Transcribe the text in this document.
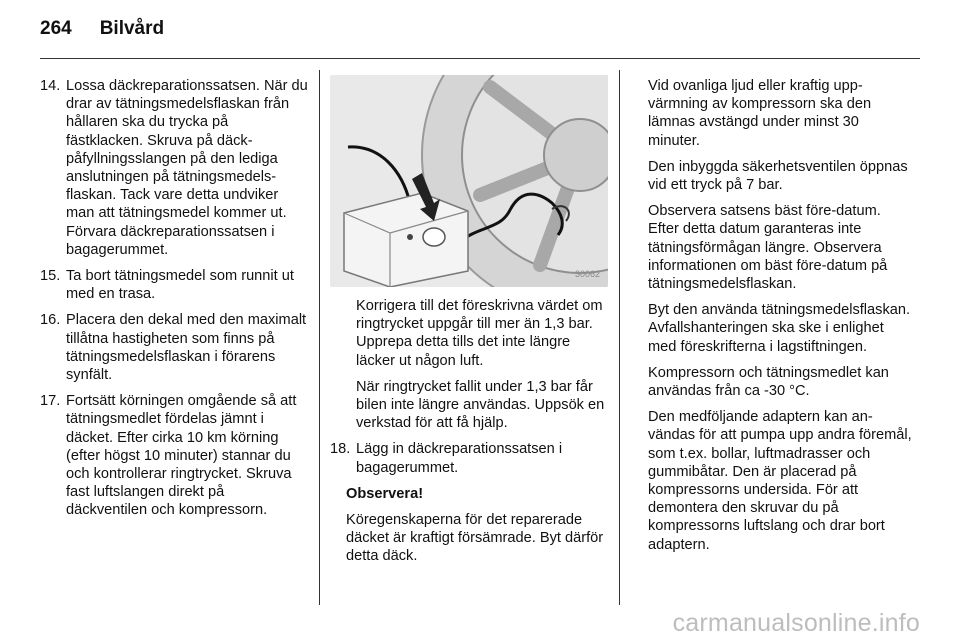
264 Bilvård
14. Lossa däckreparationssatsen. När du drar av tätningsmedelsflaskan från hållaren ska du trycka på fästklacken. Skruva på däckpåfyllningsslangen på den lediga anslutningen på tätningsmedelsflaskan. Tack vare detta undviker man att tätningsmedel kommer ut. Förvara däckreparationssatsen i bagagerummet.
15. Ta bort tätningsmedel som runnit ut med en trasa.
16. Placera den dekal med den maximalt tillåtna hastigheten som finns på tätningsmedelsflaskan i förarens synfält.
17. Fortsätt körningen omgående så att tätningsmedlet fördelas jämnt i däcket. Efter cirka 10 km körning (efter högst 10 minuter) stannar du och kontrollerar ringtrycket. Skruva fast luftslangen direkt på däckventilen och kompressorn.
30062

Korrigera till det föreskrivna värdet om ringtrycket uppgår till mer än 1,3 bar. Upprepa detta tills det inte längre läcker ut någon luft.

När ringtrycket fallit under 1,3 bar får bilen inte längre användas. Uppsök en verkstad för att få hjälp.

18. Lägg in däckreparationssatsen i bagagerummet.

Observera!

Köregenskaperna för det reparerade däcket är kraftigt försämrade. Byt därför detta däck.

Vid ovanliga ljud eller kraftig uppvärmning av kompressorn ska den lämnas avstängd under minst 30 minuter.

Den inbyggda säkerhetsventilen öppnas vid ett tryck på 7 bar.

Observera satsens bäst före-datum. Efter detta datum garanteras inte tätningsförmågan längre. Observera informationen om bäst före-datum på tätningsmedelsflaskan.

Byt den använda tätningsmedelsflaskan. Avfallshanteringen ska ske i enlighet med föreskrifterna i lagstiftningen.

Kompressorn och tätningsmedlet kan användas från ca -30 °C.

Den medföljande adaptern kan användas för att pumpa upp andra föremål, som t.ex. bollar, luftmadrasser och gummibåtar. Den är placerad på kompressorns undersida. För att demontera den skruvar du på kompressorns luftslang och drar bort adaptern.

carmanualsonline.info
